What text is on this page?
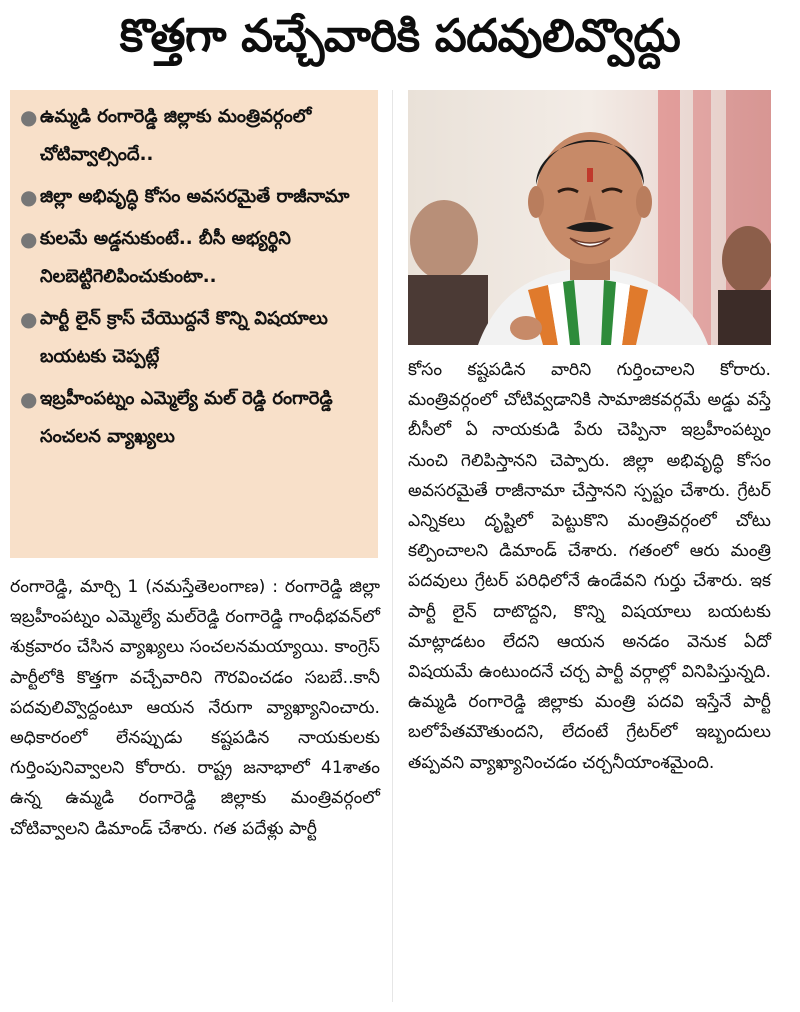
కొత్తగా వచ్చేవారికి పదవులివ్వొద్దు
● ఉమ్మడి రంగారెడ్డి జిల్లాకు మంత్రివర్గంలో చోటివ్వాల్సిందే..
● జిల్లా అభివృద్ధి కోసం అవసరమైతే రాజీనామా
● కులమే అడ్డనుకుంటే.. బీసీ అభ్యర్థిని నిలబెట్టిగెలిపించుకుంటా..
● పార్టీ లైన్ క్రాస్ చేయొద్దనే కొన్ని విషయాలు బయటకు చెప్పట్లే
● ఇబ్రహీంపట్నం ఎమ్మెల్యే మల్ రెడ్డి రంగారెడ్డి సంచలన వ్యాఖ్యలు
రంగారెడ్డి, మార్చి 1 (నమస్తేతెలంగాణ) : రంగారెడ్డి జిల్లా ఇబ్రహీంపట్నం ఎమ్మెల్యే మల్‌రెడ్డి రంగారెడ్డి గాంధీభవన్‌లో శుక్రవారం చేసిన వ్యాఖ్యలు సంచలనమయ్యాయి. కాంగ్రెస్ పార్టీలోకి కొత్తగా వచ్చేవారిని గౌరవించడం సబబే..కానీ పదవులివ్వొద్దంటూ ఆయన నేరుగా వ్యాఖ్యానించారు. అధికారంలో లేనప్పుడు కష్టపడిన నాయకులకు గుర్తింపునివ్వాలని కోరారు. రాష్ట్ర జనాభాలో 41శాతం ఉన్న ఉమ్మడి రంగారెడ్డి జిల్లాకు మంత్రివర్గంలో చోటివ్వాలని డిమాండ్ చేశారు. గత పదేళ్లు పార్టీ
కోసం కష్టపడిన వారిని గుర్తించాలని కోరారు. మంత్రివర్గంలో చోటివ్వడానికి సామాజికవర్గమే అడ్డు వస్తే బీసీలో ఏ నాయకుడి పేరు చెప్పినా ఇబ్రహీంపట్నం నుంచి గెలిపిస్తానని చెప్పారు. జిల్లా అభివృద్ధి కోసం అవసరమైతే రాజీనామా చేస్తానని స్పష్టం చేశారు. గ్రేటర్ ఎన్నికలు దృష్టిలో పెట్టుకొని మంత్రివర్గంలో చోటు కల్పించాలని డిమాండ్ చేశారు. గతంలో ఆరు మంత్రి పదవులు గ్రేటర్ పరిధిలోనే ఉండేవని గుర్తు చేశారు. ఇక పార్టీ లైన్ దాటొద్దని, కొన్ని విషయాలు బయటకు మాట్లాడటం లేదని ఆయన అనడం వెనుక ఏదో విషయమే ఉంటుందనే చర్చ పార్టీ వర్గాల్లో వినిపిస్తున్నది. ఉమ్మడి రంగారెడ్డి జిల్లాకు మంత్రి పదవి ఇస్తేనే పార్టీ బలోపేతమౌతుందని, లేదంటే గ్రేటర్‌లో ఇబ్బందులు తప్పవని వ్యాఖ్యానించడం చర్చనీయాంశమైంది.
